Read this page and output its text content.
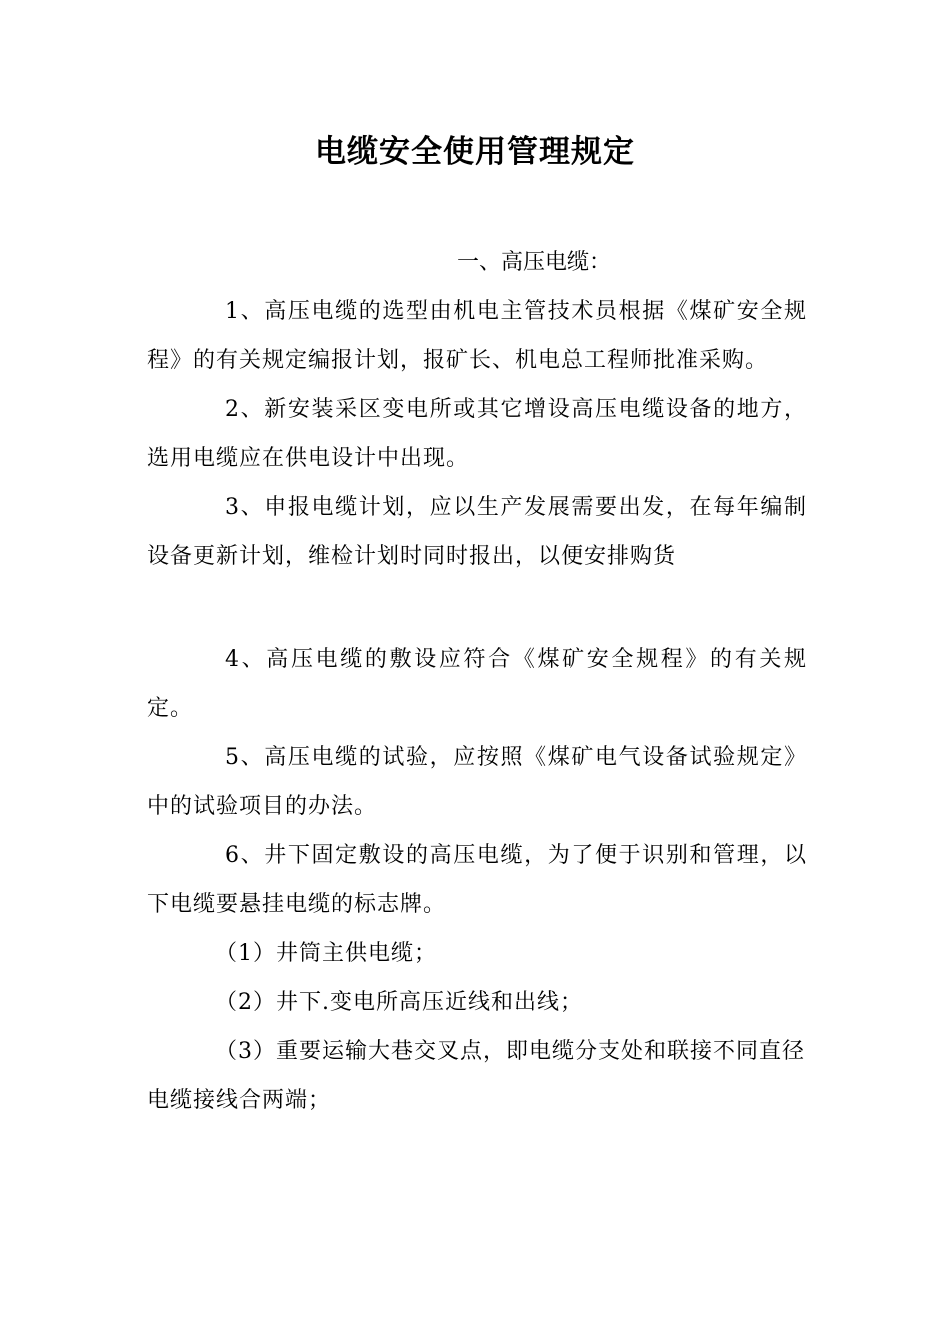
电缆安全使用管理规定

一、高压电缆：

1、高压电缆的选型由机电主管技术员根据《煤矿安全规程》的有关规定编报计划，报矿长、机电总工程师批准采购。

2、新安装采区变电所或其它增设高压电缆设备的地方，选用电缆应在供电设计中出现。

3、申报电缆计划，应以生产发展需要出发，在每年编制设备更新计划，维检计划时同时报出，以便安排购货

4、高压电缆的敷设应符合《煤矿安全规程》的有关规定。

5、高压电缆的试验，应按照《煤矿电气设备试验规定》中的试验项目的办法。

6、井下固定敷设的高压电缆，为了便于识别和管理，以下电缆要悬挂电缆的标志牌。

（1）井筒主供电缆；

（2）井下.变电所高压近线和出线；

（3）重要运输大巷交叉点，即电缆分支处和联接不同直径电缆接线合两端；
